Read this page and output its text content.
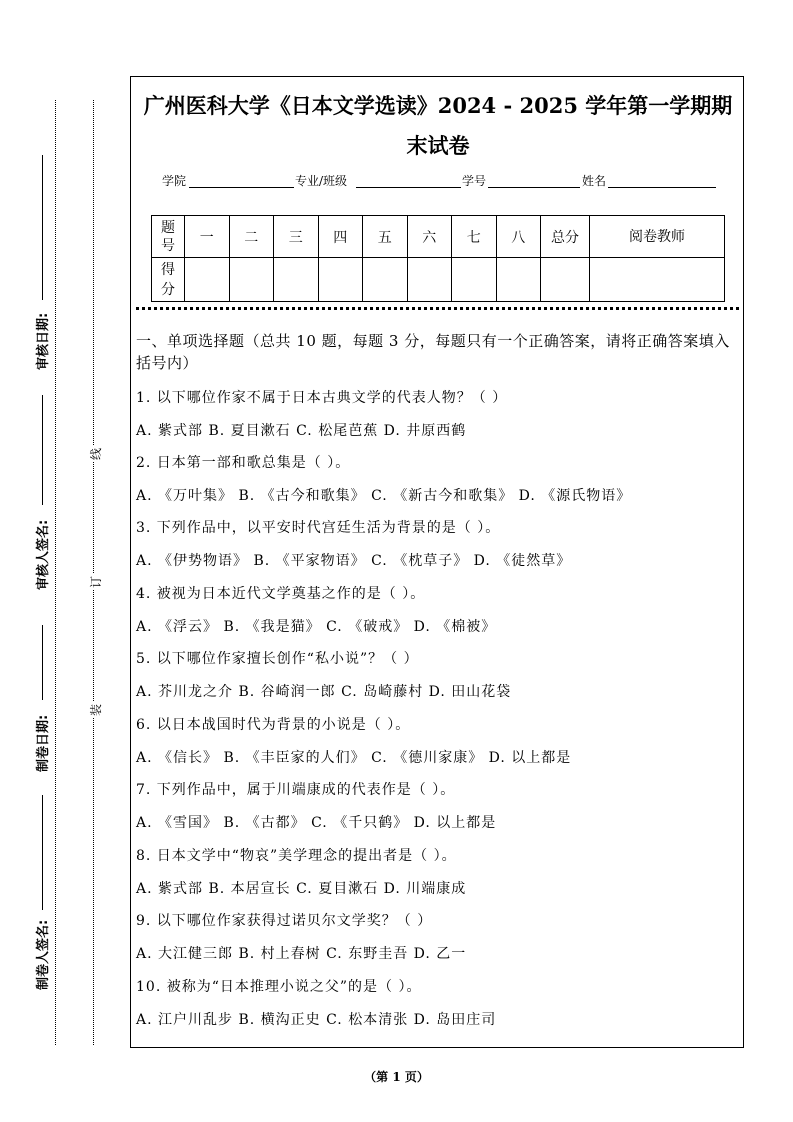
审核日期:
审核人签名:
制卷日期:
制卷人签名:
线
订
装
广州医科大学《日本文学选读》2024 - 2025 学年第一学期期末试卷
学院	专业/班级	学号	姓名
题号	一	二	三	四	五	六	七	八	总分	阅卷教师
得分										
一、单项选择题（总共 10 题，每题 3 分，每题只有一个正确答案，请将正确答案填入括号内）
1. 以下哪位作家不属于日本古典文学的代表人物？（ ）
A. 紫式部 B. 夏目漱石 C. 松尾芭蕉 D. 井原西鹤
2. 日本第一部和歌总集是（ ）。
A. 《万叶集》 B. 《古今和歌集》 C. 《新古今和歌集》 D. 《源氏物语》
3. 下列作品中，以平安时代宫廷生活为背景的是（ ）。
A. 《伊势物语》 B. 《平家物语》 C. 《枕草子》 D. 《徒然草》
4. 被视为日本近代文学奠基之作的是（ ）。
A. 《浮云》 B. 《我是猫》 C. 《破戒》 D. 《棉被》
5. 以下哪位作家擅长创作“私小说”？（ ）
A. 芥川龙之介 B. 谷崎润一郎 C. 岛崎藤村 D. 田山花袋
6. 以日本战国时代为背景的小说是（ ）。
A. 《信长》 B. 《丰臣家的人们》 C. 《德川家康》 D. 以上都是
7. 下列作品中，属于川端康成的代表作是（ ）。
A. 《雪国》 B. 《古都》 C. 《千只鹤》 D. 以上都是
8. 日本文学中“物哀”美学理念的提出者是（ ）。
A. 紫式部 B. 本居宣长 C. 夏目漱石 D. 川端康成
9. 以下哪位作家获得过诺贝尔文学奖？（ ）
A. 大江健三郎 B. 村上春树 C. 东野圭吾 D. 乙一
10. 被称为“日本推理小说之父”的是（ ）。
A. 江户川乱步 B. 横沟正史 C. 松本清张 D. 岛田庄司
（第 1 页）
